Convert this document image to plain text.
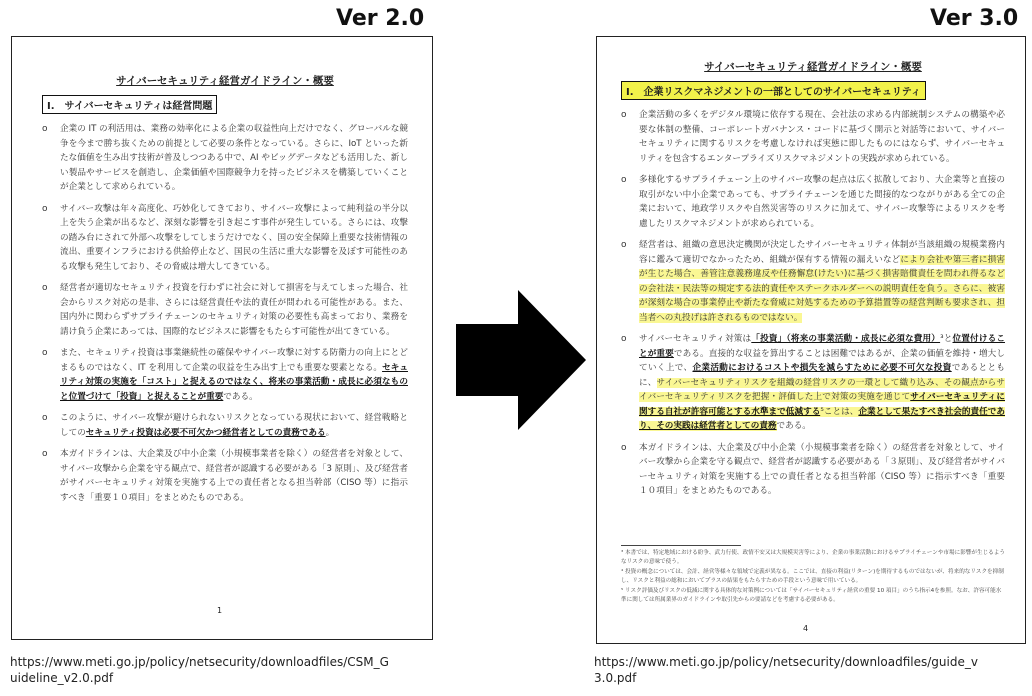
Ver 2.0	Ver 3.0
サイバーセキュリティ経営ガイドライン・概要
I.　サイバーセキュリティは経営問題
o	企業の IT の利活用は、業務の効率化による企業の収益性向上だけでなく、グローバルな競争を今まで勝ち抜くための前提として必要の条件となっている。さらに、IoT といった新たな価値を生み出す技術が普及しつつある中で、AI やビッグデータなども活用した、新しい製品やサービスを創造し、企業価値や国際競争力を持ったビジネスを構築していくことが企業として求められている。
o	サイバー攻撃は年々高度化、巧妙化してきており、サイバー攻撃によって純利益の半分以上を失う企業が出るなど、深刻な影響を引き起こす事件が発生している。さらには、攻撃の踏み台にされて外部へ攻撃をしてしまうだけでなく、国の安全保障上重要な技術情報の流出、重要インフラにおける供給停止など、国民の生活に重大な影響を及ぼす可能性のある攻撃も発生しており、その脅威は増大してきている。
o	経営者が適切なセキュリティ投資を行わずに社会に対して損害を与えてしまった場合、社会からリスク対応の是非、さらには経営責任や法的責任が問われる可能性がある。また、国内外に関わらずサプライチェーンのセキュリティ対策の必要性も高まっており、業務を請け負う企業にあっては、国際的なビジネスに影響をもたらす可能性が出てきている。
o	また、セキュリティ投資は事業継続性の確保やサイバー攻撃に対する防衛力の向上にとどまるものではなく、IT を利用して企業の収益を生み出す上でも重要な要素となる。セキュリティ対策の実施を「コスト」と捉えるのではなく、将来の事業活動・成長に必須なものと位置づけて「投資」と捉えることが重要である。
o	このように、サイバー攻撃が避けられないリスクとなっている現状において、経営戦略としてのセキュリティ投資は必要不可欠かつ経営者としての責務である。
o	本ガイドラインは、大企業及び中小企業（小規模事業者を除く）の経営者を対象として、サイバー攻撃から企業を守る観点で、経営者が認識する必要がある「3 原則」、及び経営者がサイバーセキュリティ対策を実施する上での責任者となる担当幹部（CISO 等）に指示すべき「重要１０項目」をまとめたものである。
1
サイバーセキュリティ経営ガイドライン・概要
I.　企業リスクマネジメントの一部としてのサイバーセキュリティ
o	企業活動の多くをデジタル環境に依存する現在、会社法の求める内部統制システムの構築や必要な体制の整備、コーポレートガバナンス・コードに基づく開示と対話等において、サイバーセキュリティに関するリスクを考慮しなければ実態に即したものにはならず、サイバーセキュリティを包含するエンタープライズリスクマネジメントの実践が求められている。
o	多様化するサプライチェーン上のサイバー攻撃の起点は広く拡散しており、大企業等と直接の取引がない中小企業であっても、サプライチェーンを通じた間接的なつながりがある全ての企業において、地政学リスクや自然災害等のリスクに加えて、サイバー攻撃等によるリスクを考慮したリスクマネジメントが求められている。
o	経営者は、組織の意思決定機関が決定したサイバーセキュリティ体制が当該組織の規模業務内容に鑑みて適切でなかったため、組織が保有する情報の漏えいなどにより会社や第三者に損害が生じた場合、善管注意義務違反や任務懈怠(けたい)に基づく損害賠償責任を問われ得るなどの会社法・民法等の規定する法的責任やステークホルダーへの説明責任を負う。さらに、被害が深刻な場合の事業停止や新たな脅威に対処するための予算措置等の経営判断も要求され、担当者への丸投げは許されるものではない。
o	サイバーセキュリティ対策は「投資」（将来の事業活動・成長に必須な費用）³と位置付けることが重要である。直接的な収益を算出することは困難ではあるが、企業の価値を維持・増大していく上で、企業活動におけるコストや損失を減らすために必要不可欠な投資であるとともに、サイバーセキュリティリスクを組織の経営リスクの一環として織り込み、その観点からサイバーセキュリティリスクを把握・評価した上で対策の実施を通じてサイバーセキュリティに関する自社が許容可能とする水準まで低減する⁵ことは、企業として果たすべき社会的責任であり、その実践は経営者としての責務である。
o	本ガイドラインは、大企業及び中小企業（小規模事業者を除く）の経営者を対象として、サイバー攻撃から企業を守る観点で、経営者が認識する必要がある「３原則」、及び経営者がサイバーセキュリティ対策を実施する上での責任者となる担当幹部（CISO 等）に指示すべき「重要１０項目」をまとめたものである。
³ 本書では、特定地域における紛争、武力行使、政情不安又は大規模災害等により、企業の事業活動におけるサプライチェーンや市場に影響が生じるようなリスクの意味で使う。
⁴ 投資の概念については、会計、経営等様々な領域で定義が異なる。ここでは、直接の利益(リターン)を期待するものではないが、将来的なリスクを抑制し、リスクと利益の総和においてプラスの結果をもたらすための手段という意味で用いている。
⁵ リスク評価及びリスクの低減に関する具体的な対策例については「サイバーセキュリティ経営の重要 10 項目」のうち指示4を参照。なお、許容可能水準に関しては所属業界のガイドラインや取引先からの要請などを考慮する必要がある。
4
https://www.meti.go.jp/policy/netsecurity/downloadfiles/CSM_G
uideline_v2.0.pdf
https://www.meti.go.jp/policy/netsecurity/downloadfiles/guide_v
3.0.pdf
